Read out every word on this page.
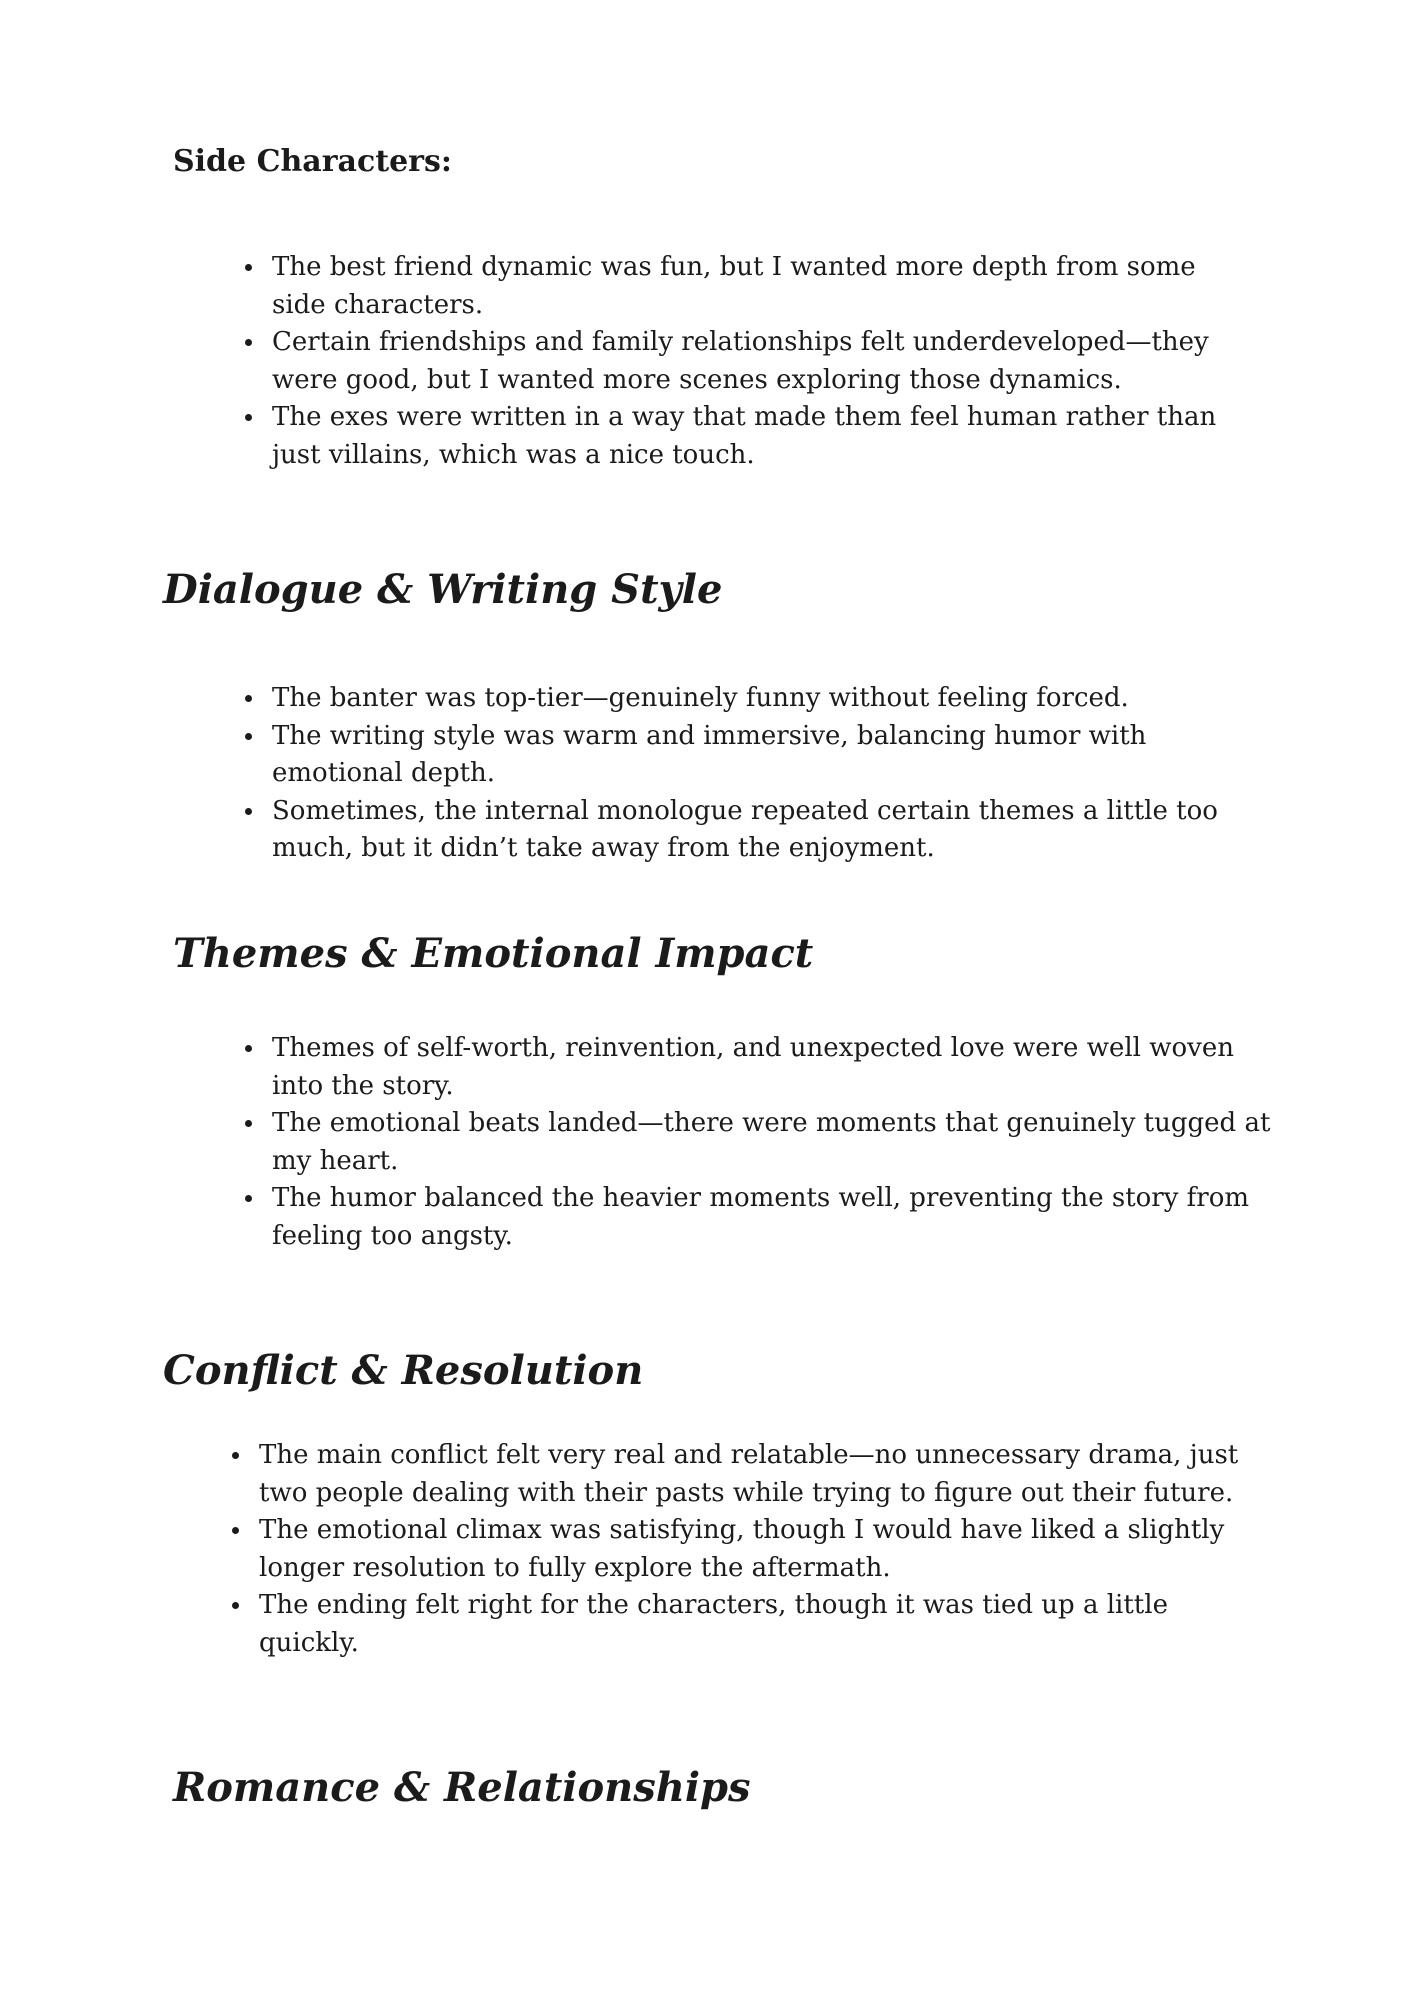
Side Characters:
The best friend dynamic was fun, but I wanted more depth from some side characters.
Certain friendships and family relationships felt underdeveloped—they were good, but I wanted more scenes exploring those dynamics.
The exes were written in a way that made them feel human rather than just villains, which was a nice touch.
Dialogue & Writing Style
The banter was top-tier—genuinely funny without feeling forced.
The writing style was warm and immersive, balancing humor with emotional depth.
Sometimes, the internal monologue repeated certain themes a little too much, but it didn’t take away from the enjoyment.
Themes & Emotional Impact
Themes of self-worth, reinvention, and unexpected love were well woven into the story.
The emotional beats landed—there were moments that genuinely tugged at my heart.
The humor balanced the heavier moments well, preventing the story from feeling too angsty.
Conflict & Resolution
The main conflict felt very real and relatable—no unnecessary drama, just two people dealing with their pasts while trying to figure out their future.
The emotional climax was satisfying, though I would have liked a slightly longer resolution to fully explore the aftermath.
The ending felt right for the characters, though it was tied up a little quickly.
Romance & Relationships
